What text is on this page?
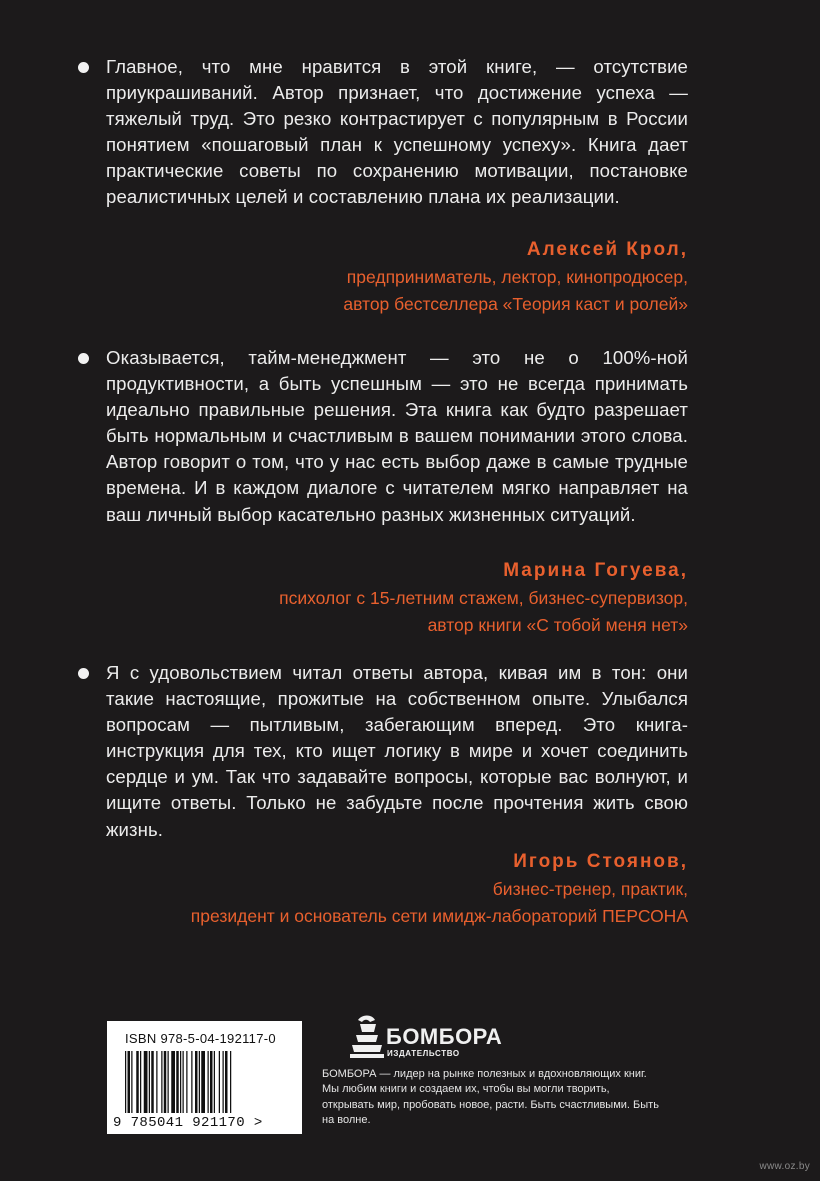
Главное, что мне нравится в этой книге, — отсутствие приукрашиваний. Автор признает, что достижение успеха — тяжелый труд. Это резко контрастирует с популярным в России понятием «пошаговый план к успешному успеху». Книга дает практические советы по сохранению мотивации, постановке реалистичных целей и составлению плана их реализации.
Алексей Крол,
предприниматель, лектор, кинопродюсер,
автор бестселлера «Теория каст и ролей»
Оказывается, тайм-менеджмент — это не о 100%-ной продуктивности, а быть успешным — это не всегда принимать идеально правильные решения. Эта книга как будто разрешает быть нормальным и счастливым в вашем понимании этого слова. Автор говорит о том, что у нас есть выбор даже в самые трудные времена. И в каждом диалоге с читателем мягко направляет на ваш личный выбор касательно разных жизненных ситуаций.
Марина Гогуева,
психолог с 15-летним стажем, бизнес-супервизор,
автор книги «С тобой меня нет»
Я с удовольствием читал ответы автора, кивая им в тон: они такие настоящие, прожитые на собственном опыте. Улыбался вопросам — пытливым, забегающим вперед. Это книга-инструкция для тех, кто ищет логику в мире и хочет соединить сердце и ум. Так что задавайте вопросы, которые вас волнуют, и ищите ответы. Только не забудьте после прочтения жить свою жизнь.
Игорь Стоянов,
бизнес-тренер, практик,
президент и основатель сети имидж-лабораторий ПЕРСОНА
ISBN 978-5-04-192117-0
9 785041 921170 >
БОМБОРА
ИЗДАТЕЛЬСТВО
БОМБОРА — лидер на рынке полезных и вдохновляющих книг. Мы любим книги и создаем их, чтобы вы могли творить, открывать мир, пробовать новое, расти. Быть счастливыми. Быть на волне.
www.oz.by
